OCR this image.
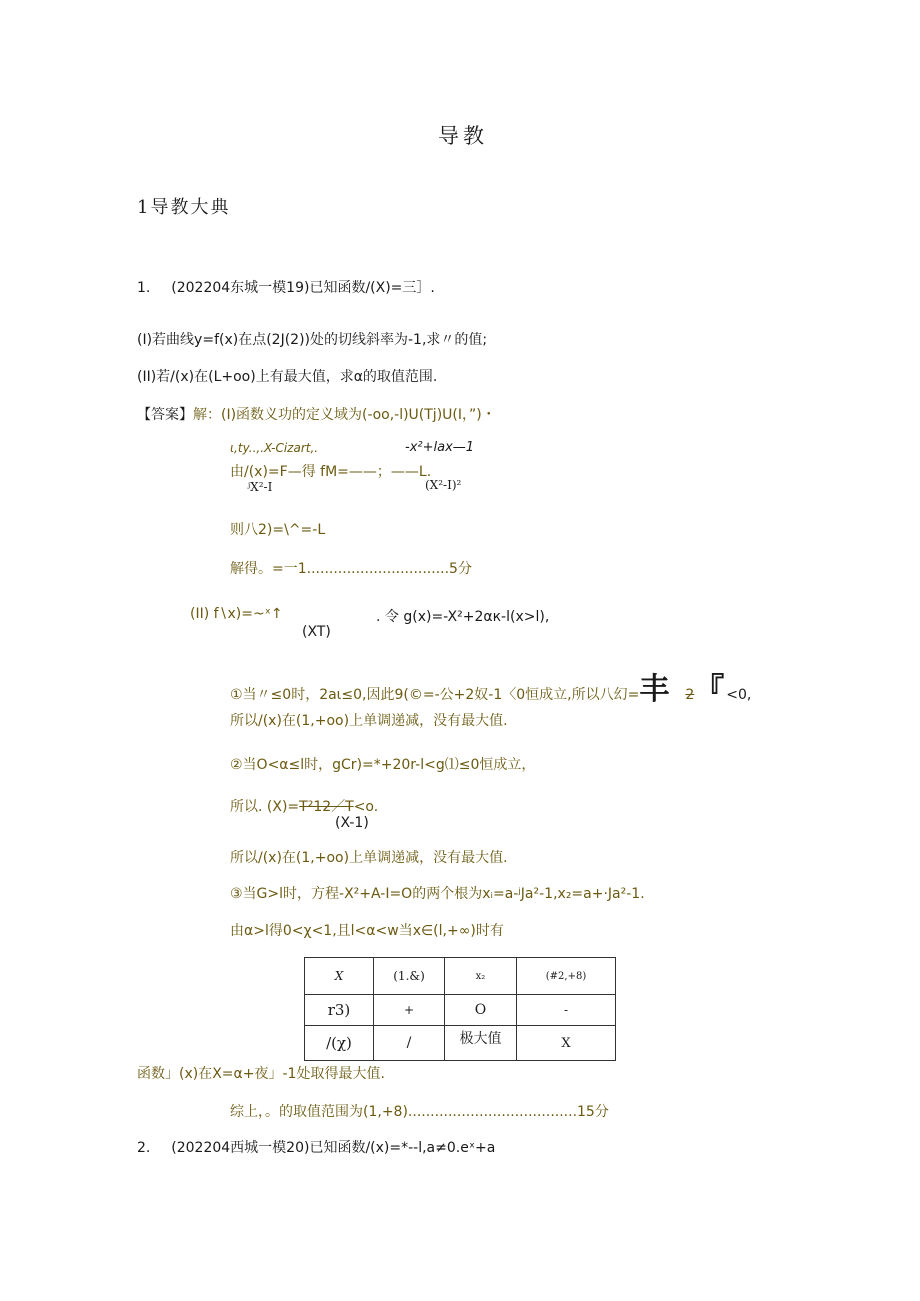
导教
1导教大典
1. (202204东城一模19)已知函数/(X)=三］.
(I)若曲线y=f(x)在点(2J(2))处的切线斜率为-1,求〃的值;
(II)若/(x)在(L+oo)上有最大值，求α的取值范围.
【答案】解：(I)函数义功的定义域为(-oo,-l)U(Tj)U(I，”)・
ι,ty..,.X-Cizart,.	-x²+lax—1
由/(x)=F—得 fM=——；——L.
ʲX²-I	(X²-I)²
则八2)=\^=-L
解得。=一1................................5分
(II) f∖x)=~ˣ↑	. 令 g(x)=-X²+2αк-l(x>l),
(XT)
①当〃≤0时，2aι≤0,因此9(©=-公+2奴-1〈0恒成立,所以八幻=丰 2『<0,
所以/(x)在(1,+oo)上单调递减，没有最大值.
②当O<α≤l时，gCr)=*+20r-l<g⑴≤0恒成立，
所以. (X)=T²12／T<o.
(X-1)
所以/(x)在(1,+oo)上单调递减，没有最大值.
③当G>l时，方程-X²+A-I=O的两个根为xᵢ=a-ʲJa²-1,x₂=a+·Ja²-1.
由α>l得0<χ<1,且l<α<w当x∈(l,+∞)时有
X	(1.&)	x₂	(#2,+8)
r3)	+	O	-
/(χ)	/	极大值	X
函数」(x)在X=α+夜」-1处取得最大值.
综上，。的取值范围为(1,+8)......................................15分
2. (202204西城一模20)已知函数/(x)=*--l,a≠0.eˣ+a
